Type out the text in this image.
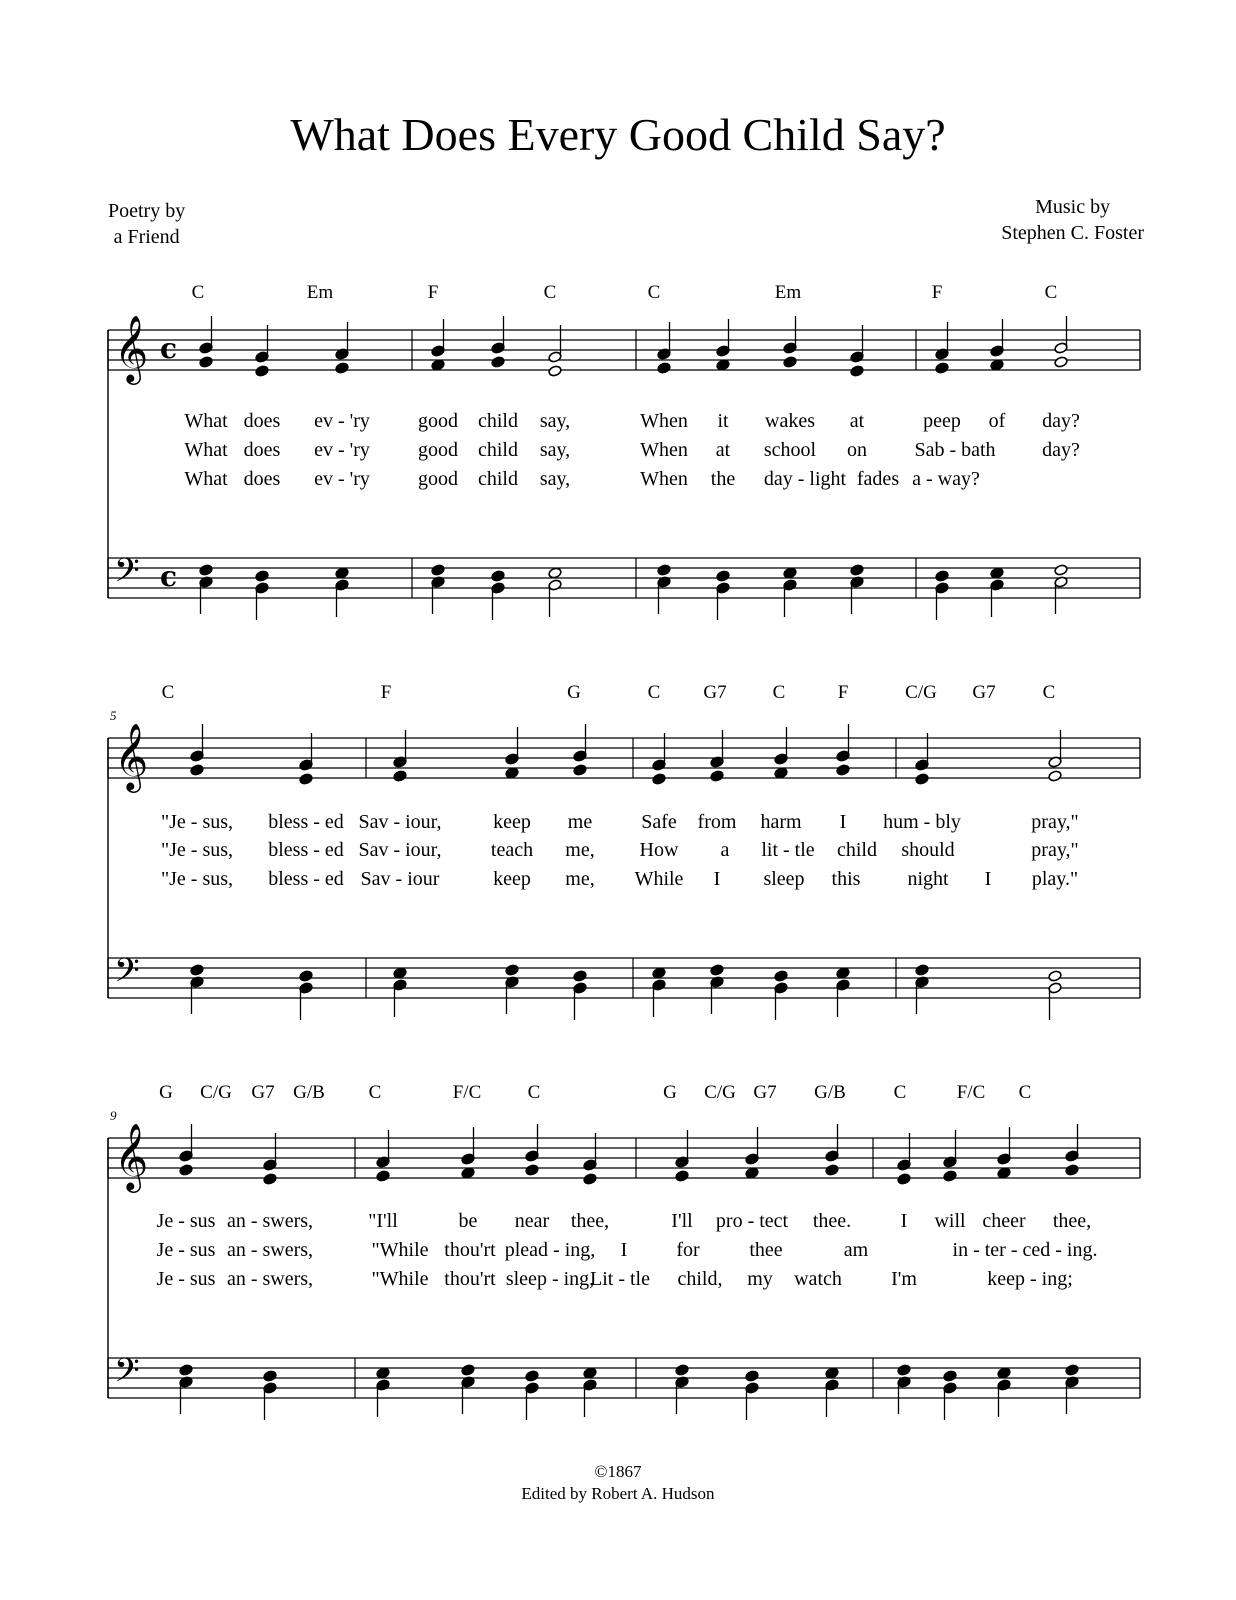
What Does Every Good Child Say?
Poetry by
a Friend
Music by
Stephen C. Foster
𝄞
𝄢
c
c
𝄞
𝄢
𝄞
𝄢
C	Em	F	C	C	Em	F	C
What does ev - 'ry good child say,	When it wakes at	peep of day?
What does ev - 'ry good child say,	When at school on Sab - bath day?
What does ev - 'ry good child say,	When the day - light fades a - way?
C	F	G	C G7 C	F	C/G G7 C
"Je - sus, bless - ed Sav - iour,	keep me Safe from harm I hum - bly	pray,"
"Je - sus, bless - ed Sav - iour, teach me, How a lit - tle child should	pray,"
"Je - sus, bless - ed Sav - iour	keep me, While I sleep this night I play."
5
G C/G G7 G/B C	F/C C	G C/G G7 G/B	C	F/C C
Je - sus an - swers,	"I'll	be near thee,	I'll pro - tect thee. I will cheer thee,
Je - sus an - swers,	"While thou'rt plead - ing, I for thee	am	in - ter - ced - ing.
Je - sus an - swers,	"While thou'rt sleep - ing,
Lit - tle child, my watch I'm	keep - ing;
9
©1867
Edited by Robert A. Hudson
